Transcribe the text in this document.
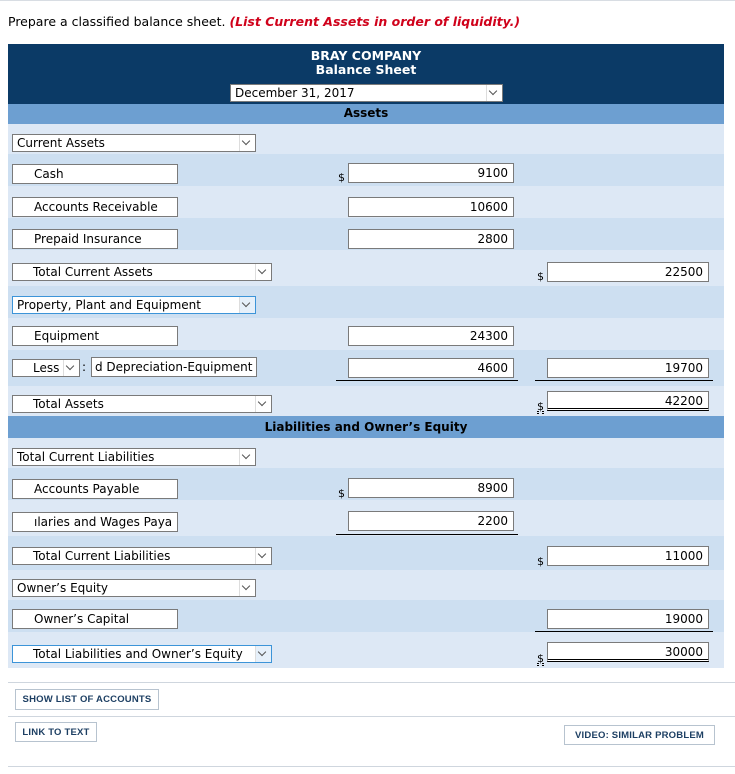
Prepare a classified balance sheet. (List Current Assets in order of liquidity.)
BRAY COMPANY
Balance Sheet
December 31, 2017
Assets
Current Assets
Cash	$	9100
Accounts Receivable	10600
Prepaid Insurance	2800
Total Current Assets	$	22500
Property, Plant and Equipment
Equipment	24300
Less	: d Depreciation-Equipment	4600	19700
Total Assets	$	42200
Liabilities and Owner’s Equity
Total Current Liabilities
Accounts Payable	$	8900
ılaries and Wages Paya	2200
Total Current Liabilities	$	11000
Owner’s Equity
Owner’s Capital	19000
Total Liabilities and Owner’s Equity	$	30000
SHOW LIST OF ACCOUNTS
LINK TO TEXT	VIDEO: SIMILAR PROBLEM
